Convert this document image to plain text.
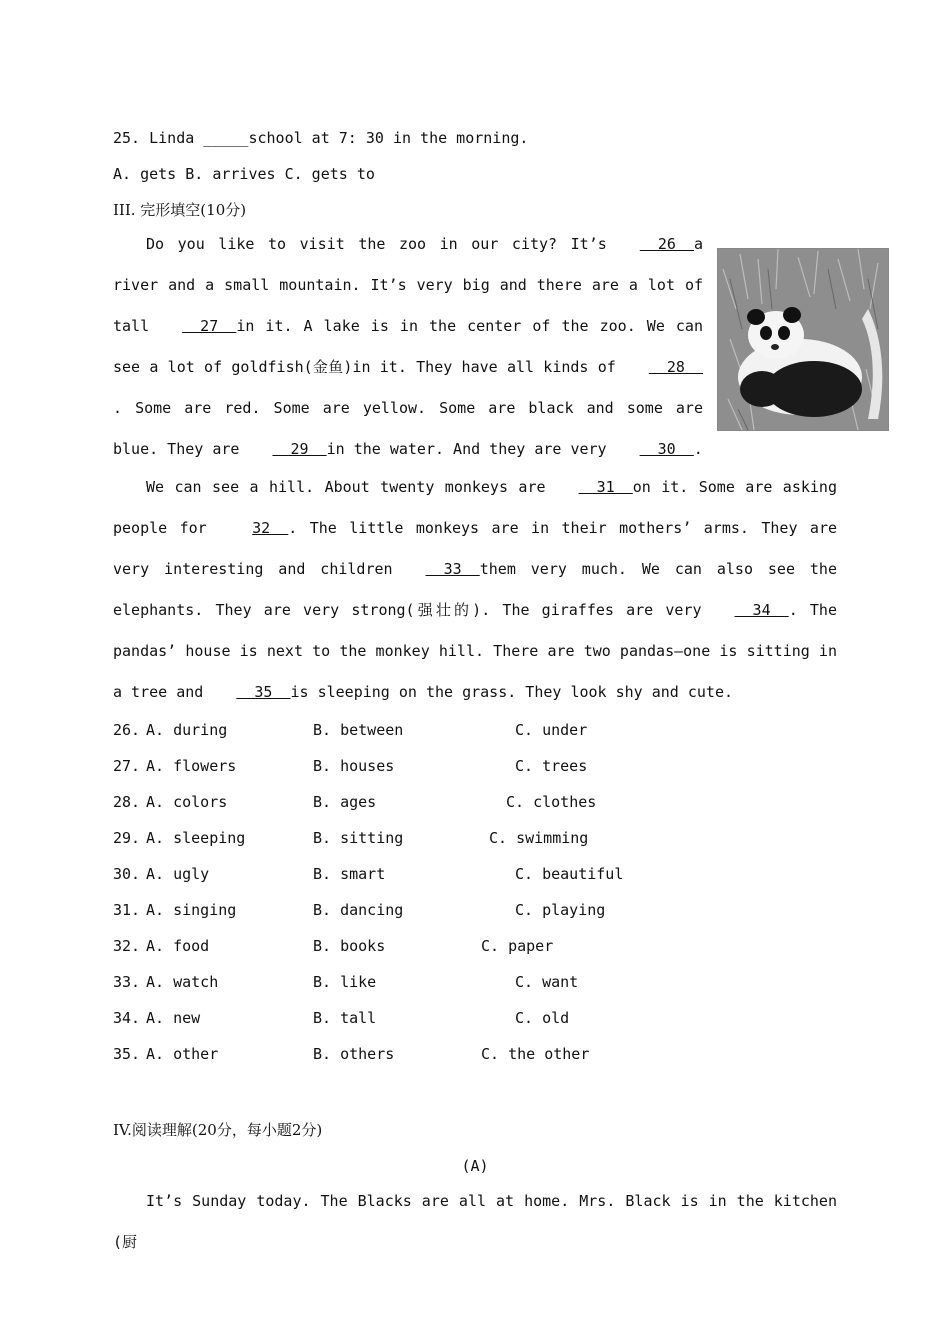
25. Linda _____school at 7: 30 in the morning.
A. gets B. arrives C. gets to
III. 完形填空(10分)
Do you like to visit the zoo in our city? It’s  26  a river and a small mountain. It’s very big and there are a lot of tall  27  in it. A lake is in the center of the zoo. We can see a lot of goldfish(金鱼)in it. They have all kinds of  28  . Some are red. Some are yellow. Some are black and some are blue. They are  29  in the water. And they are very  30  .
We can see a hill. About twenty monkeys are  31  on it. Some are asking people for	32  . The little monkeys are in their mothers’ arms. They are very interesting and children  33  them very much. We can also see the elephants. They are very strong(强壮的). The giraffes are very  34  . The pandas’ house is next to the monkey hill. There are two pandas—one is sitting in a tree and  35  is sleeping on the grass. They look shy and cute.
26. A. during	B. between	C. under
27. A. flowers	B. houses	C. trees
28. A. colors	B. ages	C. clothes
29. A. sleeping	B. sitting	C. swimming
30. A. ugly	B. smart	C. beautiful
31. A. singing	B. dancing	C. playing
32. A. food	B. books	C. paper
33. A. watch	B. like	C. want
34. A. new	B. tall	C. old
35. A. other	B. others	C. the other
IV.阅读理解(20分，每小题2分)
(A)
It’s Sunday today. The Blacks are all at home. Mrs. Black is in the kitchen (厨
